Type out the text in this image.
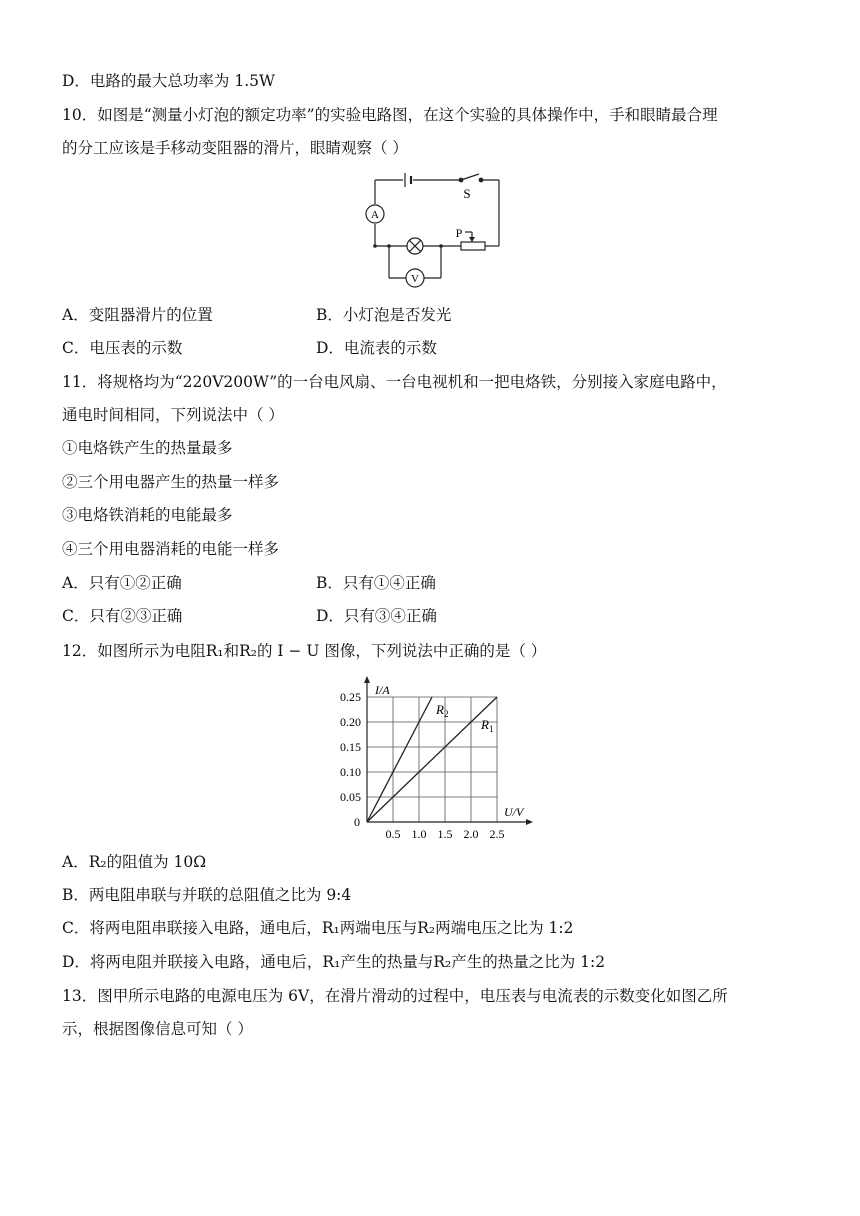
D．电路的最大总功率为 1.5W
10．如图是“测量小灯泡的额定功率”的实验电路图，在这个实验的具体操作中，手和眼睛最合理
的分工应该是手移动变阻器的滑片，眼睛观察（ ）
A
V
S
P
A．变阻器滑片的位置	B．小灯泡是否发光
C．电压表的示数	D．电流表的示数
11．将规格均为“220V200W”的一台电风扇、一台电视机和一把电烙铁，分别接入家庭电路中，
通电时间相同，下列说法中（ ）
①电烙铁产生的热量最多
②三个用电器产生的热量一样多
③电烙铁消耗的电能最多
④三个用电器消耗的电能一样多
A．只有①②正确	B．只有①④正确
C．只有②③正确	D．只有③④正确
12．如图所示为电阻R₁和R₂的 I − U 图像，下列说法中正确的是（ ）
0.5 1.0 1.5 2.0 2.5
0.25
0.20
0.15
0.10
0.05
$R_2$
$R_1$
I/A
U/V
0
A．R₂的阻值为 10Ω
B．两电阻串联与并联的总阻值之比为 9:4
C．将两电阻串联接入电路，通电后，R₁两端电压与R₂两端电压之比为 1:2
D．将两电阻并联接入电路，通电后，R₁产生的热量与R₂产生的热量之比为 1:2
13．图甲所示电路的电源电压为 6V，在滑片滑动的过程中，电压表与电流表的示数变化如图乙所
示，根据图像信息可知（ ）
